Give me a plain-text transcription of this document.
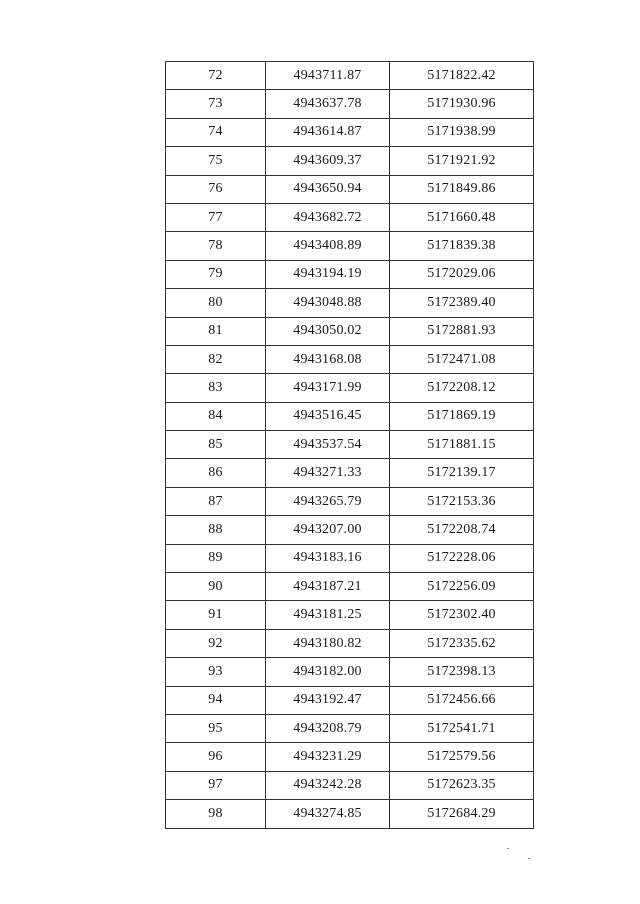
72	4943711.87	5171822.42
73	4943637.78	5171930.96
74	4943614.87	5171938.99
75	4943609.37	5171921.92
76	4943650.94	5171849.86
77	4943682.72	5171660.48
78	4943408.89	5171839.38
79	4943194.19	5172029.06
80	4943048.88	5172389.40
81	4943050.02	5172881.93
82	4943168.08	5172471.08
83	4943171.99	5172208.12
84	4943516.45	5171869.19
85	4943537.54	5171881.15
86	4943271.33	5172139.17
87	4943265.79	5172153.36
88	4943207.00	5172208.74
89	4943183.16	5172228.06
90	4943187.21	5172256.09
91	4943181.25	5172302.40
92	4943180.82	5172335.62
93	4943182.00	5172398.13
94	4943192.47	5172456.66
95	4943208.79	5172541.71
96	4943231.29	5172579.56
97	4943242.28	5172623.35
98	4943274.85	5172684.29
